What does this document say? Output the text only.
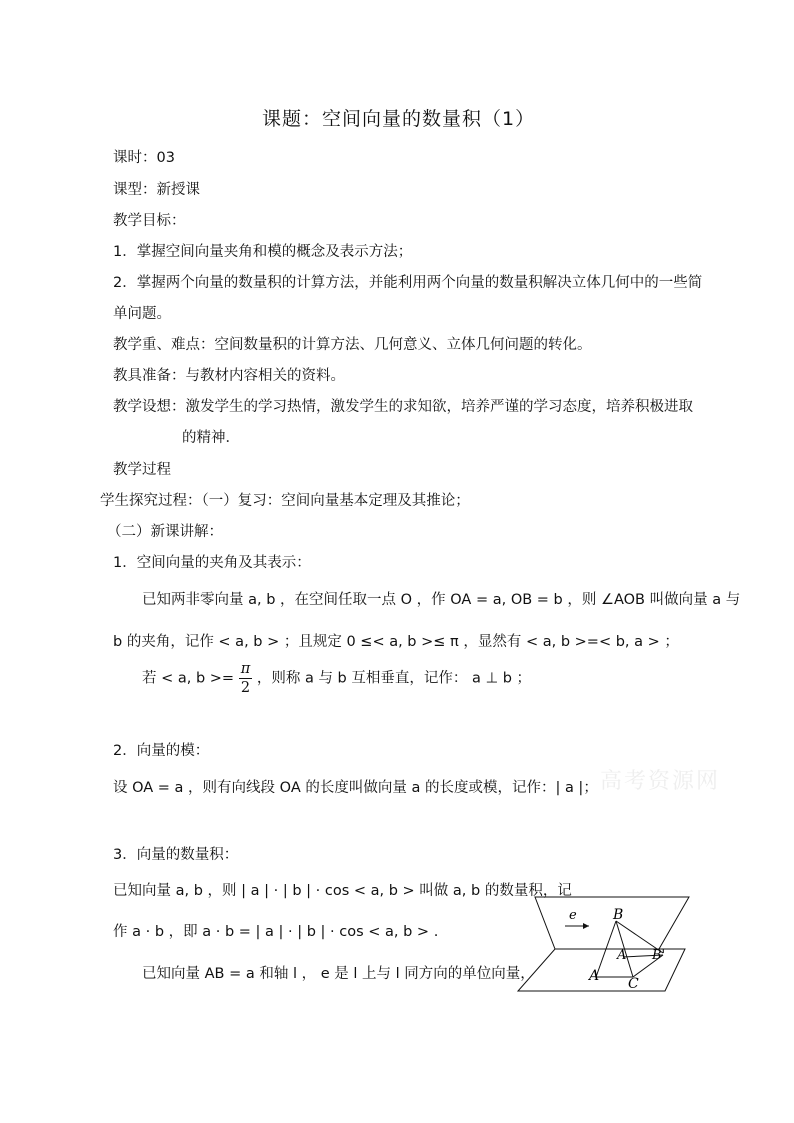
课题：空间向量的数量积（1）
课时：03
课型：新授课
教学目标：
1．掌握空间向量夹角和模的概念及表示方法；
2．掌握两个向量的数量积的计算方法，并能利用两个向量的数量积解决立体几何中的一些简
单问题。
教学重、难点：空间数量积的计算方法、几何意义、立体几何问题的转化。
教具准备：与教材内容相关的资料。
教学设想：激发学生的学习热情，激发学生的求知欲，培养严谨的学习态度，培养积极进取
的精神．
教学过程
学生探究过程：（一）复习：空间向量基本定理及其推论；
（二）新课讲解：
1．空间向量的夹角及其表示：
已知两非零向量 a, b ，在空间任取一点 O ，作 OA = a, OB = b ，则 ∠AOB 叫做向量 a 与
b 的夹角，记作 < a, b > ；且规定 0 ≤< a, b >≤ π ，显然有 < a, b >=< b, a > ；
若 < a, $b >= \frac{\pi}{2}$ ，则称 a 与 b 互相垂直，记作： a ⊥ b ；
2．向量的模：
设 OA = a ，则有向线段 OA 的长度叫做向量 a 的长度或模，记作：| a |； 高考资源网
3．向量的数量积：
已知向量 a, b ，则 | a | · | b | · cos < a, b > 叫做 a, b 的数量积，记
作 a · b ，即 a · b = | a | · | b | · cos < a, b > .
已知向量 AB = a 和轴 l ， e 是 l 上与 l 同方向的单位向量，
e	B
A B'
A C
